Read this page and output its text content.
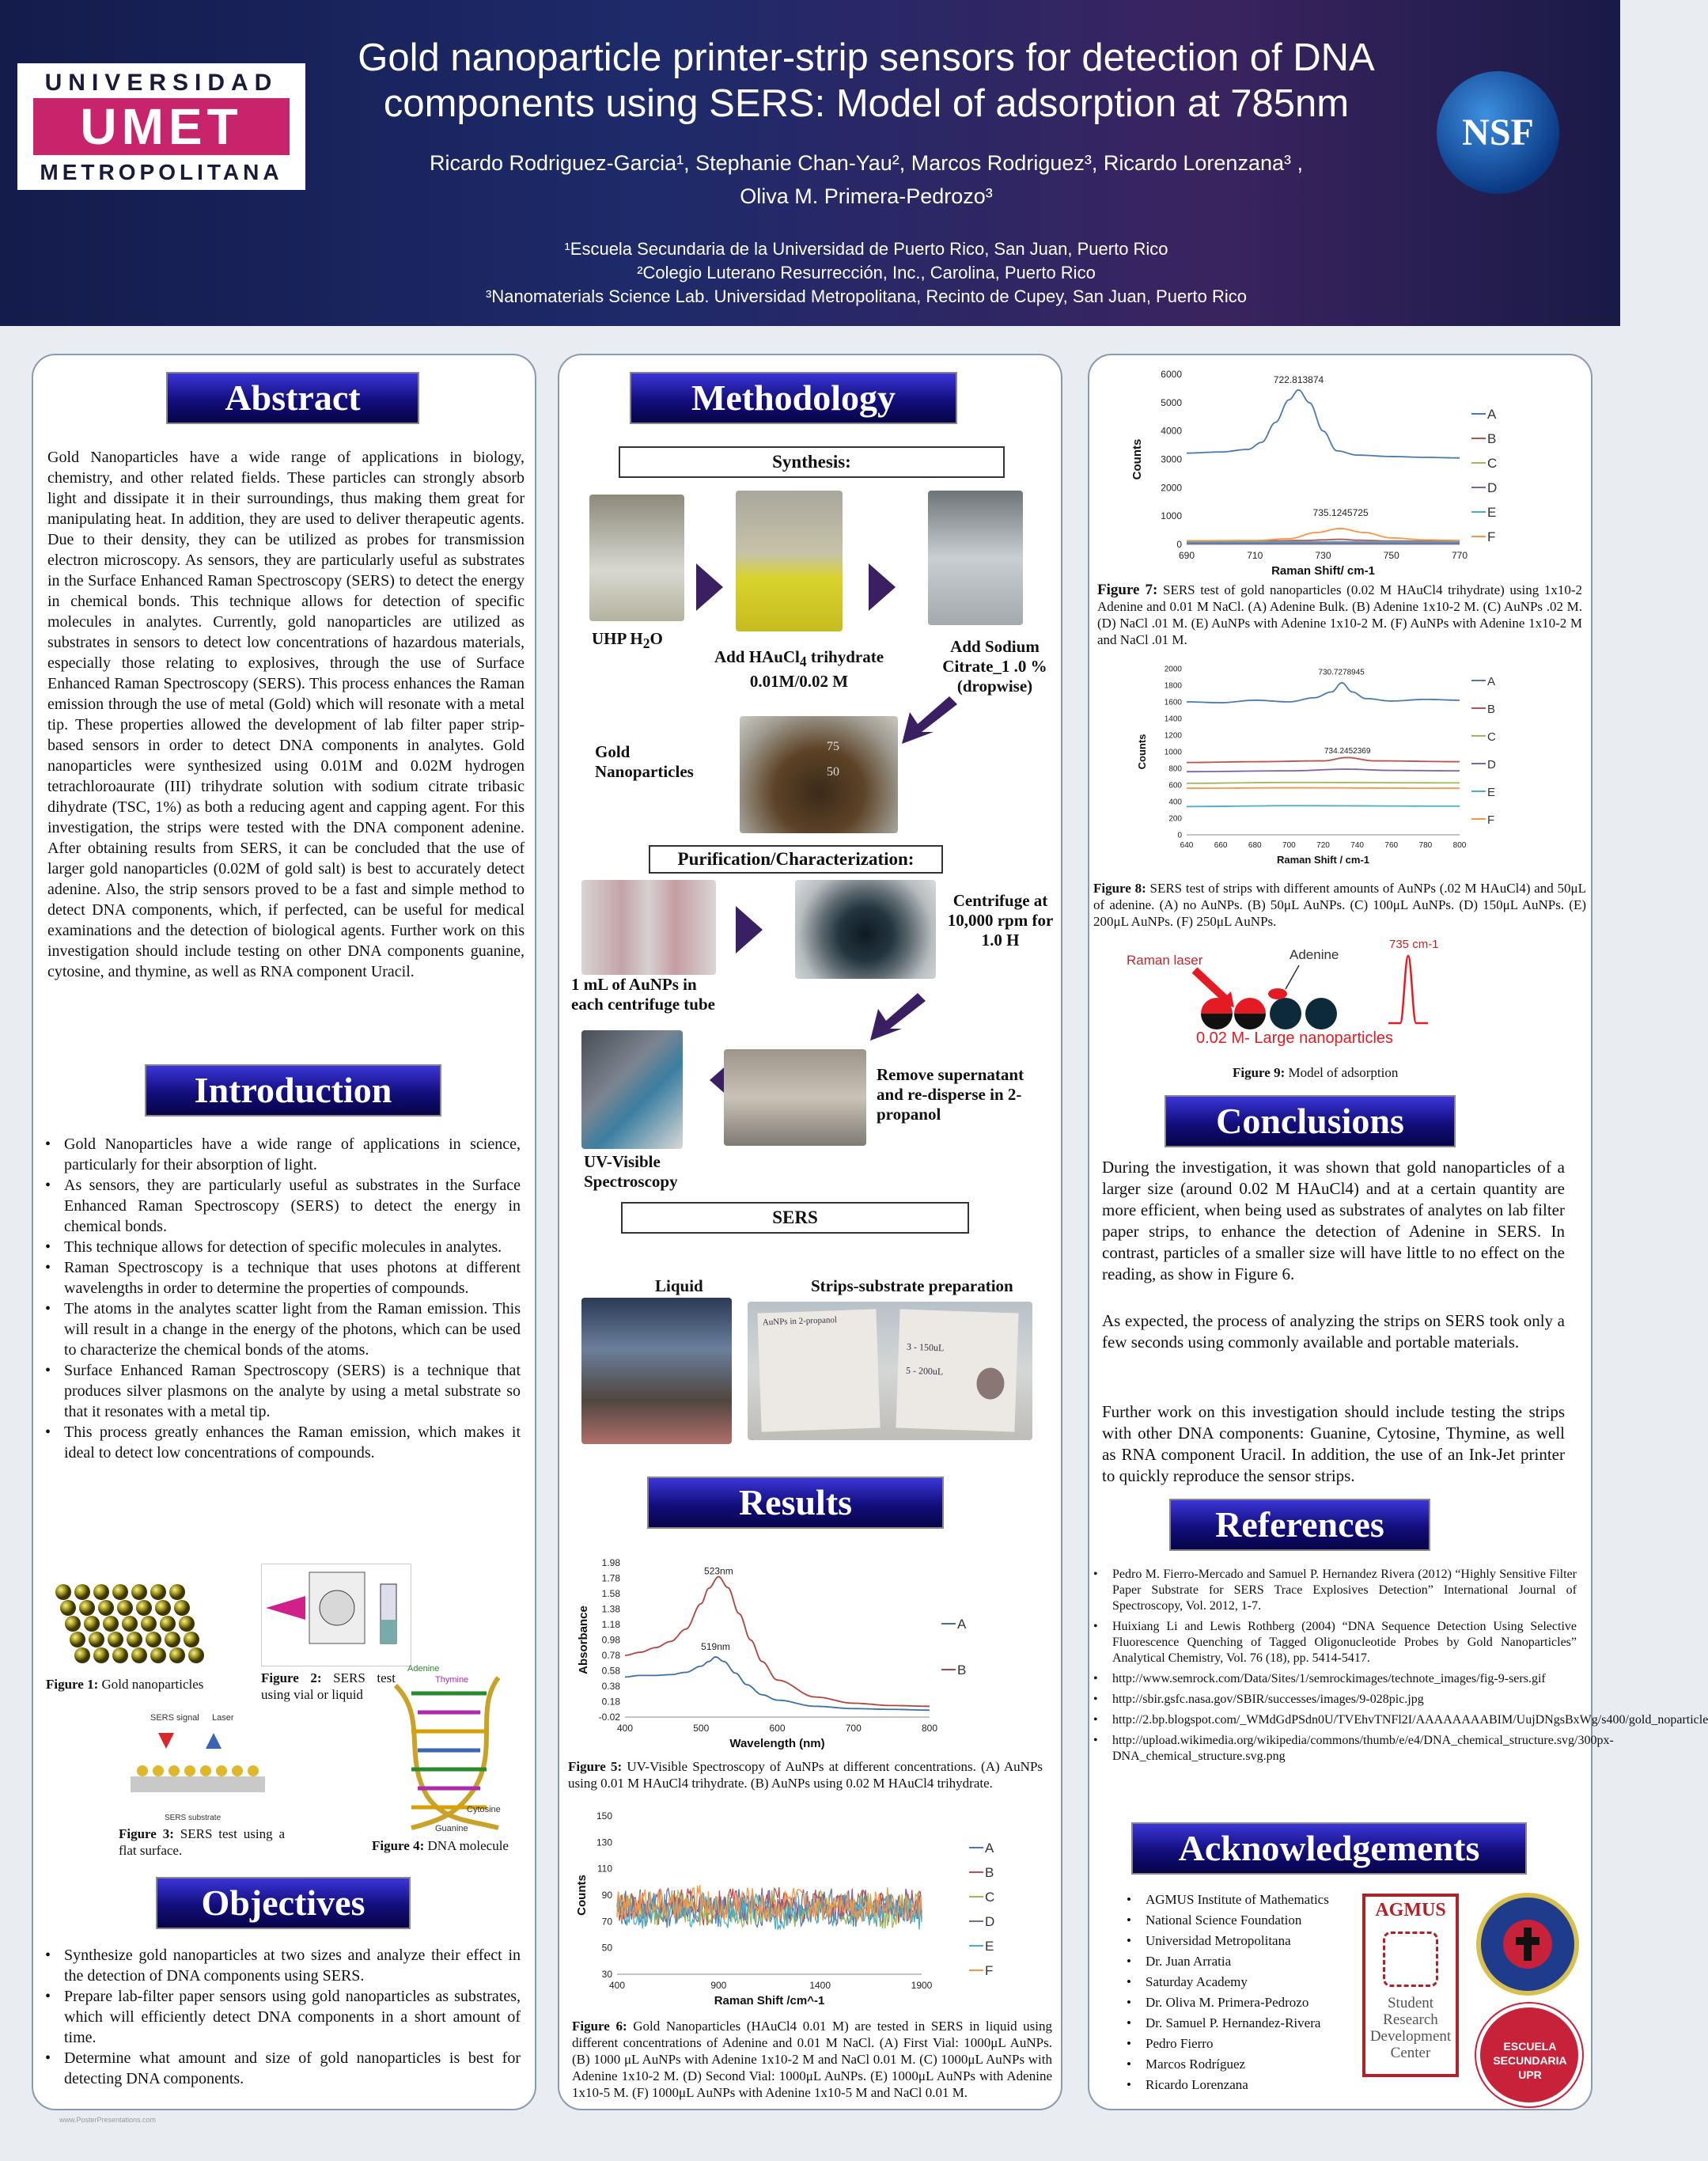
UNIVERSIDAD
UMET
METROPOLITANA
Gold nanoparticle printer-strip sensors for detection of DNA
components using SERS: Model of adsorption at 785nm
Ricardo Rodriguez-Garcia¹, Stephanie Chan-Yau², Marcos Rodriguez³, Ricardo Lorenzana³ ,
Oliva M. Primera-Pedrozo³
¹Escuela Secundaria de la Universidad de Puerto Rico, San Juan, Puerto Rico
²Colegio Luterano Resurrección, Inc., Carolina, Puerto Rico
³Nanomaterials Science Lab. Universidad Metropolitana, Recinto de Cupey, San Juan, Puerto Rico
NSF
Abstract
Gold Nanoparticles have a wide range of applications in biology, chemistry, and other related fields. These particles can strongly absorb light and dissipate it in their surroundings, thus making them great for manipulating heat. In addition, they are used to deliver therapeutic agents. Due to their density, they can be utilized as probes for transmission electron microscopy. As sensors, they are particularly useful as substrates in the Surface Enhanced Raman Spectroscopy (SERS) to detect the energy in chemical bonds. This technique allows for detection of specific molecules in analytes. Currently, gold nanoparticles are utilized as substrates in sensors to detect low concentrations of hazardous materials, especially those relating to explosives, through the use of Surface Enhanced Raman Spectroscopy (SERS). This process enhances the Raman emission through the use of metal (Gold) which will resonate with a metal tip. These properties allowed the development of lab filter paper strip-based sensors in order to detect DNA components in analytes. Gold nanoparticles were synthesized using 0.01M and 0.02M hydrogen tetrachloroaurate (III) trihydrate solution with sodium citrate tribasic dihydrate (TSC, 1%) as both a reducing agent and capping agent. For this investigation, the strips were tested with the DNA component adenine. After obtaining results from SERS, it can be concluded that the use of larger gold nanoparticles (0.02M of gold salt) is best to accurately detect adenine. Also, the strip sensors proved to be a fast and simple method to detect DNA components, which, if perfected, can be useful for medical examinations and the detection of biological agents. Further work on this investigation should include testing on other DNA components guanine, cytosine, and thymine, as well as RNA component Uracil.
Introduction
• Gold Nanoparticles have a wide range of applications in science, particularly for their absorption of light.
• As sensors, they are particularly useful as substrates in the Surface Enhanced Raman Spectroscopy (SERS) to detect the energy in chemical bonds.
• This technique allows for detection of specific molecules in analytes.
• Raman Spectroscopy is a technique that uses photons at different wavelengths in order to determine the properties of compounds.
• The atoms in the analytes scatter light from the Raman emission. This will result in a change in the energy of the photons, which can be used to characterize the chemical bonds of the atoms.
• Surface Enhanced Raman Spectroscopy (SERS) is a technique that produces silver plasmons on the analyte by using a metal substrate so that it resonates with a metal tip.
• This process greatly enhances the Raman emission, which makes it ideal to detect low concentrations of compounds.
Figure 1: Gold nanoparticles	Figure 2: SERS test using vial or liquid
SERS signal Laser
SERS substrate
Figure 3: SERS test using a flat surface.
Adenine
Thymine
Cytosine
Guanine
Figure 4: DNA molecule
Objectives
• Synthesize gold nanoparticles at two sizes and analyze their effect in the detection of DNA components using SERS.
• Prepare lab-filter paper sensors using gold nanoparticles as substrates, which will efficiently detect DNA components in a short amount of time.
• Determine what amount and size of gold nanoparticles is best for detecting DNA components.
www.PosterPresentations.com
Methodology
Synthesis:
UHP $H_2O$
Add HAuCl$_4$ trihydrate
0.01M/0.02 M
Add Sodium Citrate_1 .0 % (dropwise)
Gold Nanoparticles
75
50
Purification/Characterization:
Centrifuge at 10,000 rpm for 1.0 H
1 mL of AuNPs in each centrifuge tube
Remove supernatant and re-disperse in 2-propanol
UV-Visible Spectroscopy
SERS
Liquid	Strips-substrate preparation
AuNPs in 2-propanol
3 - 150uL
5 - 200uL
Results
400	500	600	700	800
-0.02
0.18
0.38
0.58
0.78
0.98
1.18
1.38
1.58
1.78
1.98
Wavelength (nm)
Absorbance	A
B
523nm
519nm
Figure 5: UV-Visible Spectroscopy of AuNPs at different concentrations. (A) AuNPs using 0.01 M HAuCl4 trihydrate. (B) AuNPs using 0.02 M HAuCl4 trihydrate.
400	900	1400	1900
30
50
70
90
110
130
150
Raman Shift /cm^-1
Counts
A
B
C
D
E
F
Figure 6: Gold Nanoparticles (HAuCl4 0.01 M) are tested in SERS in liquid using different concentrations of Adenine and 0.01 M NaCl. (A) First Vial: 1000μL AuNPs. (B) 1000 μL AuNPs with Adenine 1x10-2 M and NaCl 0.01 M. (C) 1000μL AuNPs with Adenine 1x10-2 M. (D) Second Vial: 1000μL AuNPs. (E) 1000μL AuNPs with Adenine 1x10-5 M. (F) 1000μL AuNPs with Adenine 1x10-5 M and NaCl 0.01 M.
690	710	730	750	770
0
1000
2000
3000
4000
5000
6000
Raman Shift/ cm-1
Counts
A
B
C
D
E
F
722.813874
735.1245725
Figure 7: SERS test of gold nanoparticles (0.02 M HAuCl4 trihydrate) using 1x10-2 Adenine and 0.01 M NaCl. (A) Adenine Bulk. (B) Adenine 1x10-2 M. (C) AuNPs .02 M. (D) NaCl .01 M. (E) AuNPs with Adenine 1x10-2 M. (F) AuNPs with Adenine 1x10-2 M and NaCl .01 M.
640	660	680	700	720	740	760	780	800
0
200
400
600
800
1000
1200
1400
1600
1800
2000
Raman Shift / cm-1
Counts
A
B
C
D
E
F
730.7278945
734.2452369
Figure 8: SERS test of strips with different amounts of AuNPs (.02 M HAuCl4) and 50μL of adenine. (A) no AuNPs. (B) 50μL AuNPs. (C) 100μL AuNPs. (D) 150μL AuNPs. (E) 200μL AuNPs. (F) 250μL AuNPs.
Raman laser	Adenine
735 cm-1
0.02 M- Large nanoparticles
Figure 9: Model of adsorption
Conclusions
During the investigation, it was shown that gold nanoparticles of a larger size (around 0.02 M HAuCl4) and at a certain quantity are more efficient, when being used as substrates of analytes on lab filter paper strips, to enhance the detection of Adenine in SERS. In contrast, particles of a smaller size will have little to no effect on the reading, as show in Figure 6.
As expected, the process of analyzing the strips on SERS took only a few seconds using commonly available and portable materials.
Further work on this investigation should include testing the strips with other DNA components: Guanine, Cytosine, Thymine, as well as RNA component Uracil. In addition, the use of an Ink-Jet printer to quickly reproduce the sensor strips.
References
• Pedro M. Fierro-Mercado and Samuel P. Hernandez Rivera (2012) “Highly Sensitive Filter Paper Substrate for SERS Trace Explosives Detection” International Journal of Spectroscopy, Vol. 2012, 1-7.
• Huixiang Li and Lewis Rothberg (2004) “DNA Sequence Detection Using Selective Fluorescence Quenching of Tagged Oligonucleotide Probes by Gold Nanoparticles” Analytical Chemistry, Vol. 76 (18), pp. 5414-5417.
• http://www.semrock.com/Data/Sites/1/semrockimages/technote_images/fig-9-sers.gif
• http://sbir.gsfc.nasa.gov/SBIR/successes/images/9-028pic.jpg
• http://2.bp.blogspot.com/_WMdGdPSdn0U/TVEhvTNFl2I/AAAAAAAABIM/UujDNgsBxWg/s400/gold_noparticle
• http://upload.wikimedia.org/wikipedia/commons/thumb/e/e4/DNA_chemical_structure.svg/300px-DNA_chemical_structure.svg.png
Acknowledgements
• AGMUS Institute of Mathematics
• National Science Foundation
• Universidad Metropolitana
• Dr. Juan Arratia
• Saturday Academy
• Dr. Oliva M. Primera-Pedrozo
• Dr. Samuel P. Hernandez-Rivera
• Pedro Fierro
• Marcos Rodríguez
• Ricardo Lorenzana
AGMUS
Student Research Development Center	ESCUELA SECUNDARIA UPR
